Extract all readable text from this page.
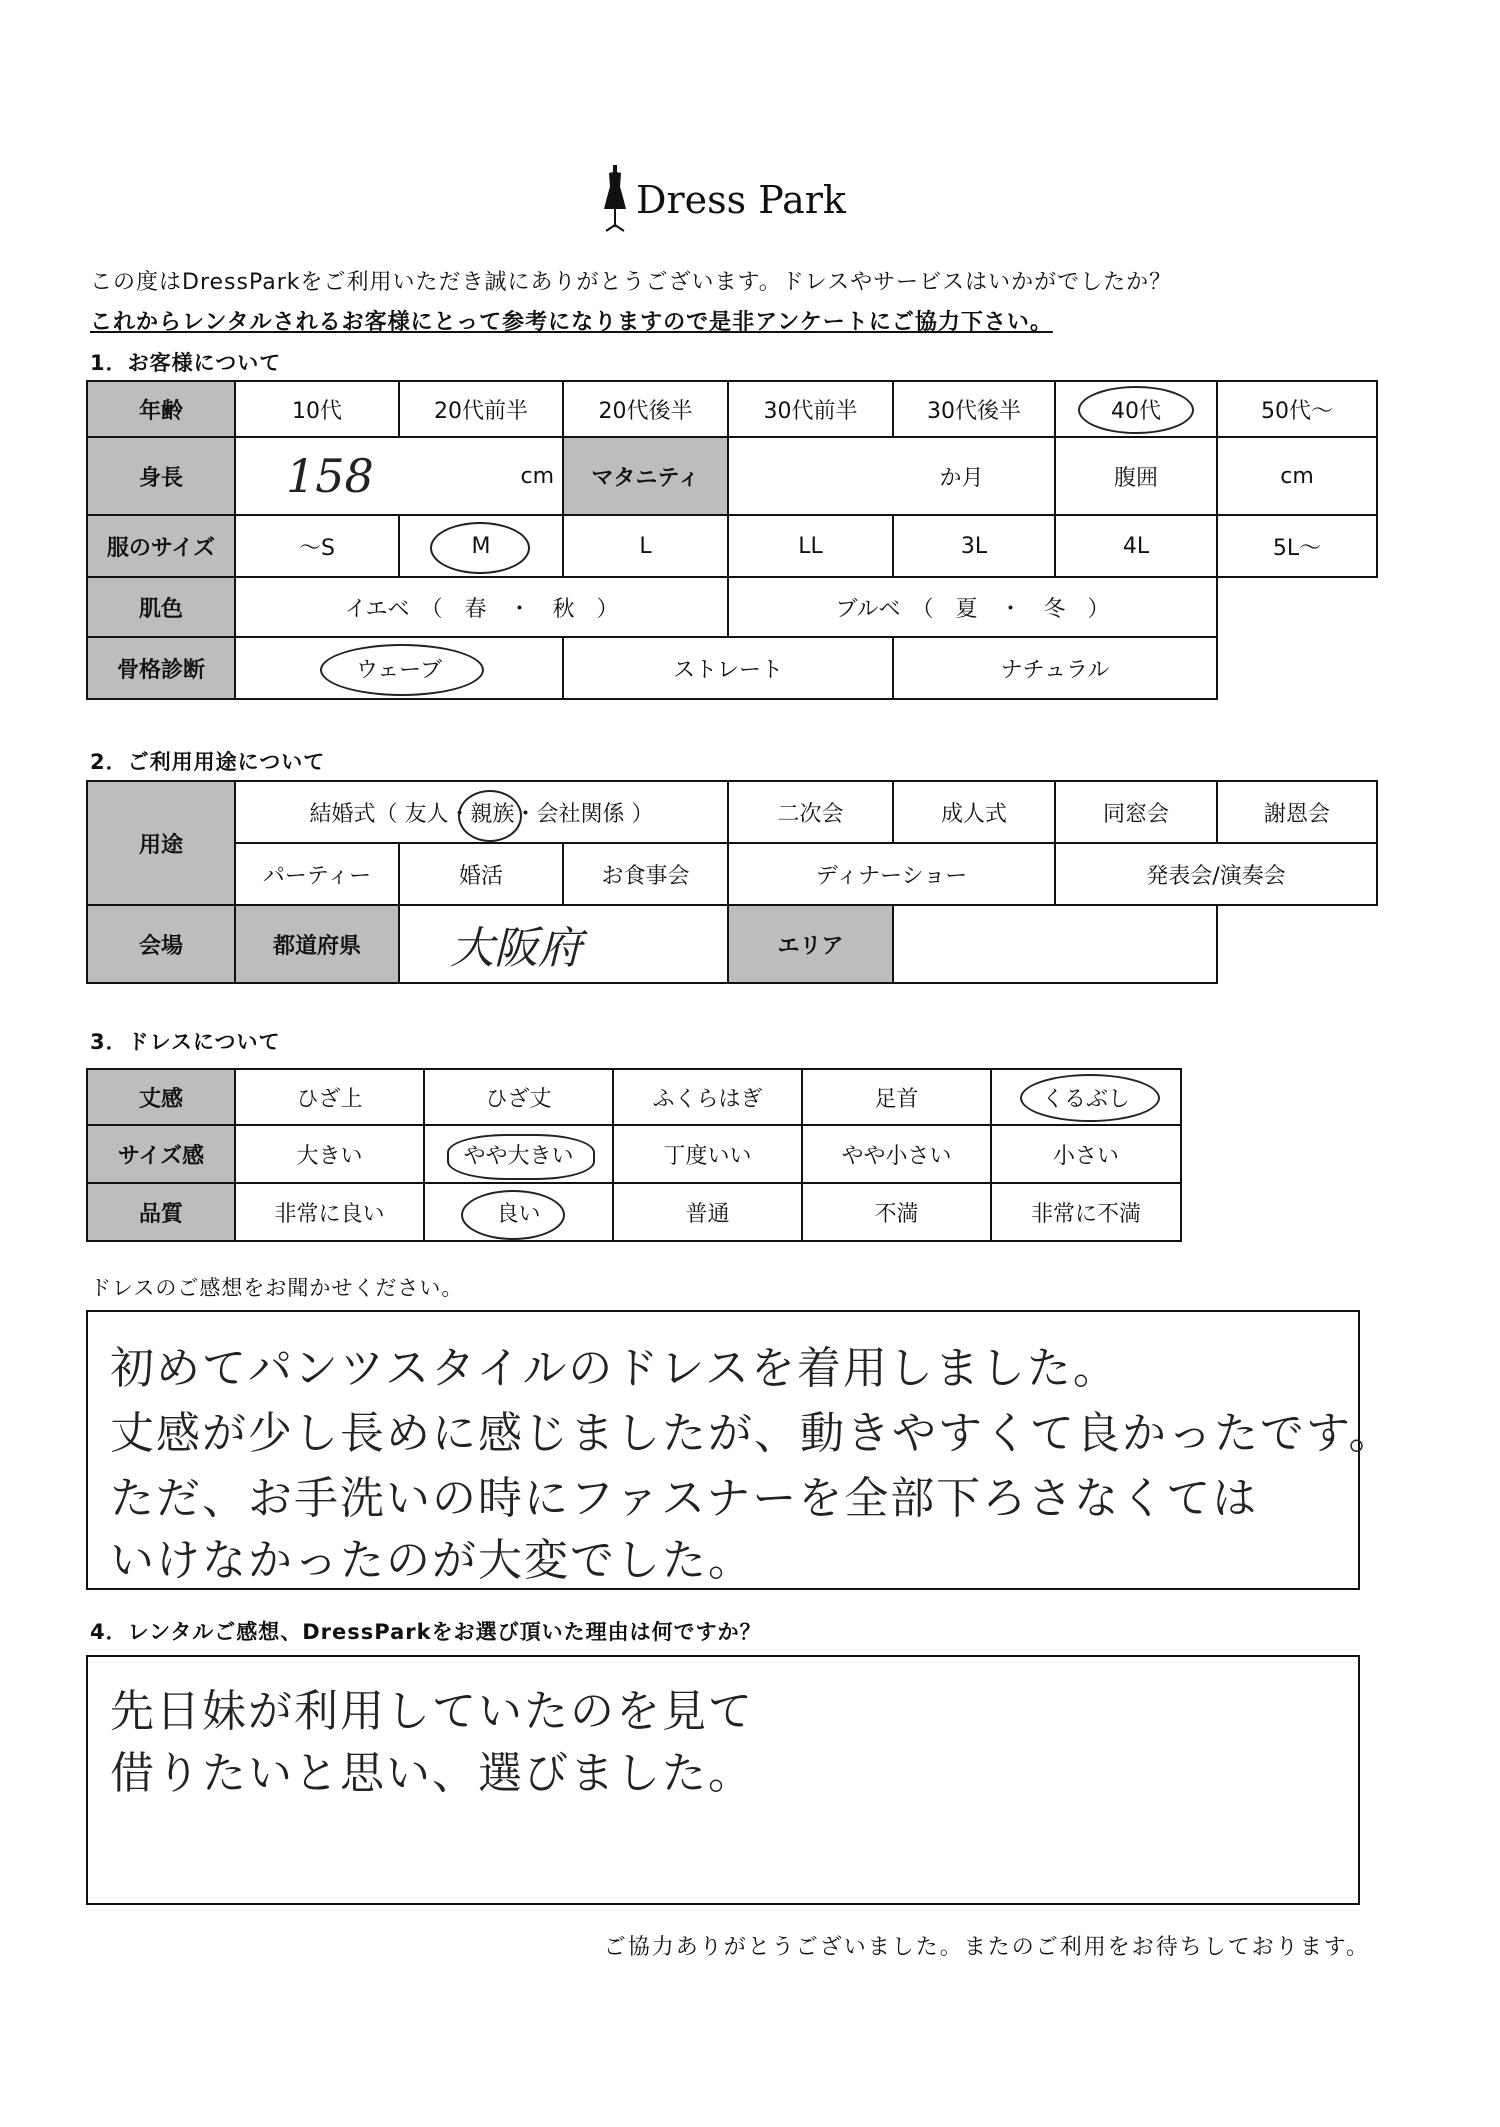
Dress Park
この度はDressParkをご利用いただき誠にありがとうございます。ドレスやサービスはいかがでしたか？
これからレンタルされるお客様にとって参考になりますので是非アンケートにご協力下さい。
1．お客様について
年齢	10代	20代前半	20代後半	30代前半	30代後半	40代	50代～
身長	158 cm		マタニティ	か月		腹囲	cm
服のサイズ	～S	M	L	LL	3L	4L	5L～
肌色	イエベ　（　春　・　秋　）			ブルベ　（　夏　・　冬　）			
骨格診断	ウェーブ		ストレート		ナチュラル		
2．ご利用用途について
用途	結婚式（ 友人・親族・会社関係 ）			二次会	成人式	同窓会	謝恩会
	パーティー	婚活	お食事会	ディナーショー		発表会/演奏会	
会場	都道府県	大阪府		エリア			
3．ドレスについて
丈感	ひざ上	ひざ丈	ふくらはぎ	足首	くるぶし

サイズ感	大きい	やや大きい	丁度いい	やや小さい	小さい
品質	非常に良い	良い	普通	不満	非常に不満
ドレスのご感想をお聞かせください。
初めてパンツスタイルのドレスを着用しました。
丈感が少し長めに感じましたが、動きやすくて良かったです。
ただ、お手洗いの時にファスナーを全部下ろさなくては
いけなかったのが大変でした。
4．レンタルご感想、DressParkをお選び頂いた理由は何ですか？
先日妹が利用していたのを見て
借りたいと思い、選びました。
ご協力ありがとうございました。またのご利用をお待ちしております。
